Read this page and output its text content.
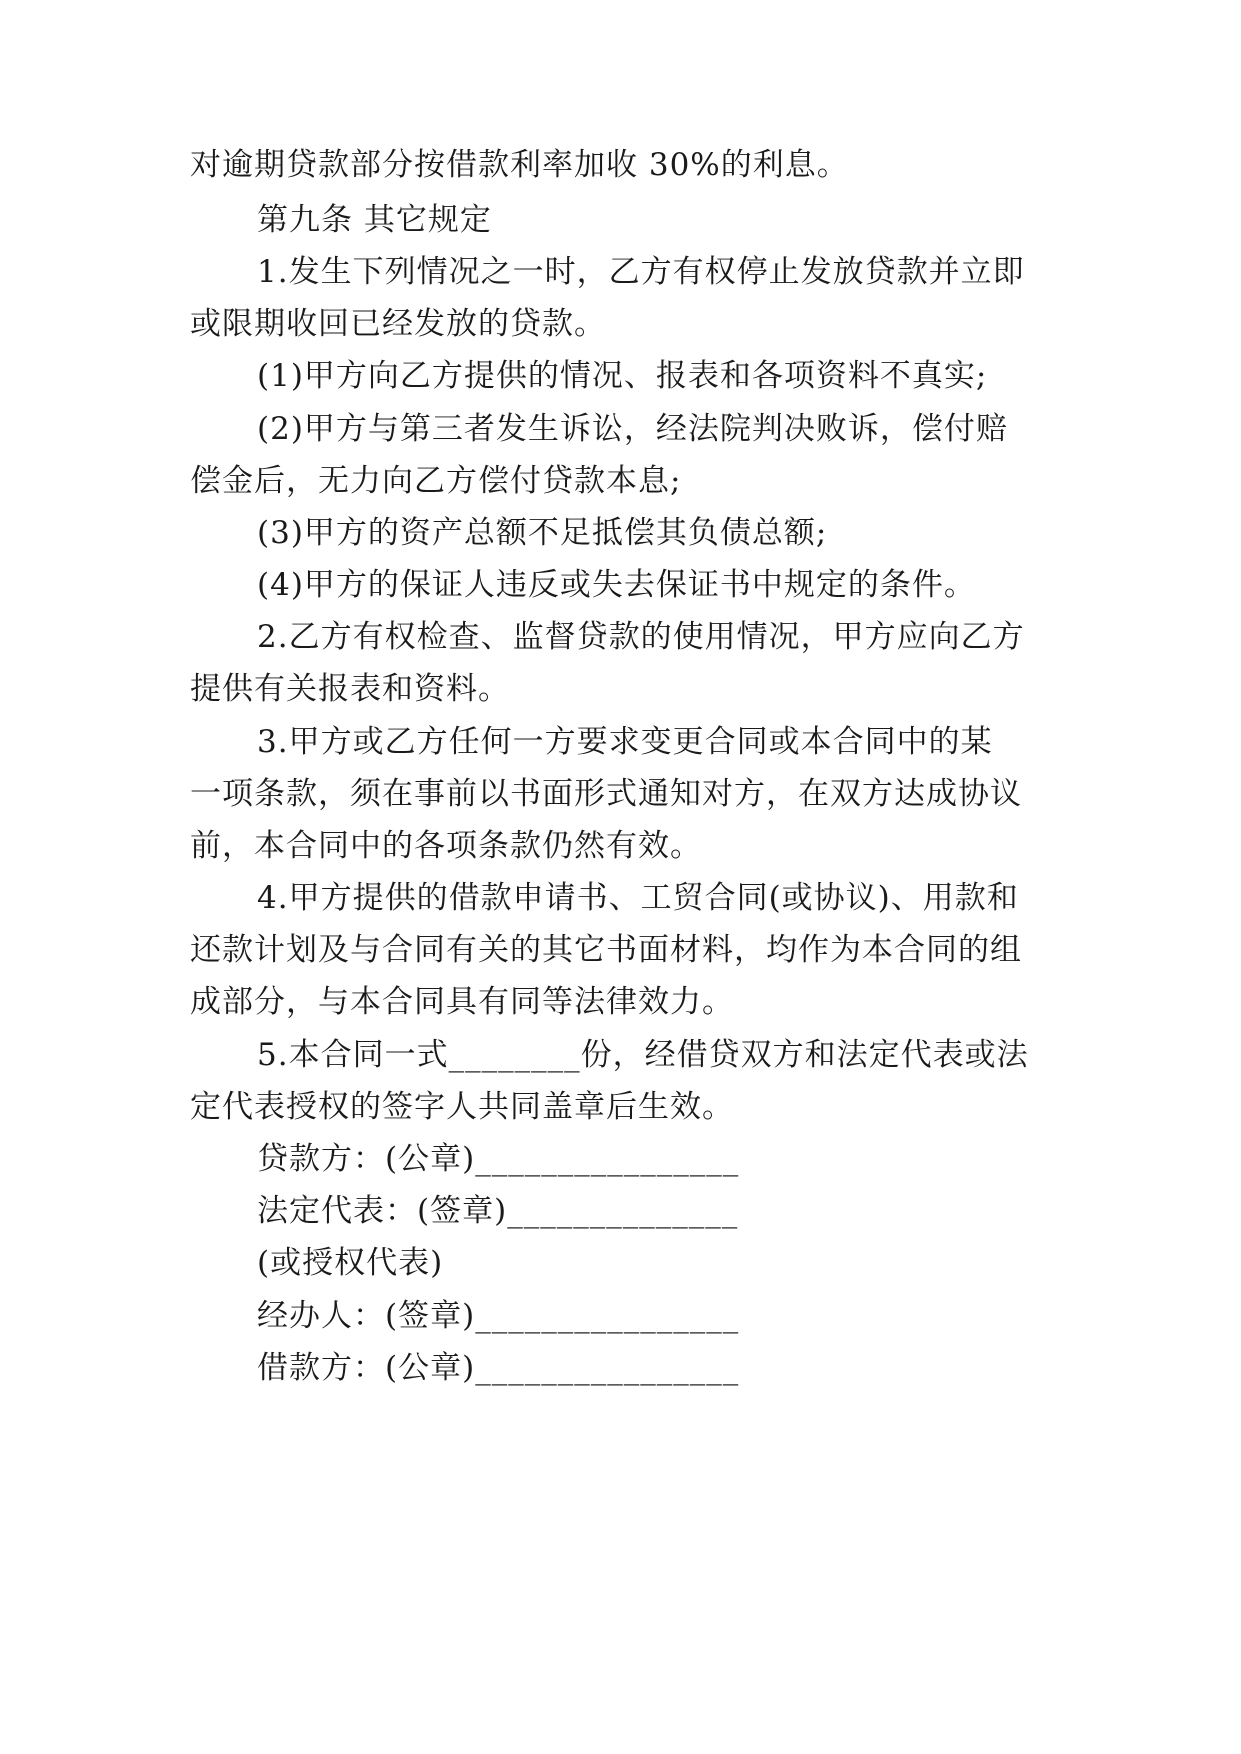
对逾期贷款部分按借款利率加收 30%的利息。
第九条 其它规定
1.发生下列情况之一时，乙方有权停止发放贷款并立即
或限期收回已经发放的贷款。
(1)甲方向乙方提供的情况、报表和各项资料不真实;
(2)甲方与第三者发生诉讼，经法院判决败诉，偿付赔
偿金后，无力向乙方偿付贷款本息;
(3)甲方的资产总额不足抵偿其负债总额;
(4)甲方的保证人违反或失去保证书中规定的条件。
2.乙方有权检查、监督贷款的使用情况，甲方应向乙方
提供有关报表和资料。
3.甲方或乙方任何一方要求变更合同或本合同中的某
一项条款，须在事前以书面形式通知对方，在双方达成协议
前，本合同中的各项条款仍然有效。
4.甲方提供的借款申请书、工贸合同(或协议)、用款和
还款计划及与合同有关的其它书面材料，均作为本合同的组
成部分，与本合同具有同等法律效力。
5.本合同一式________份，经借贷双方和法定代表或法
定代表授权的签字人共同盖章后生效。
贷款方：(公章)________________
法定代表：(签章)______________
(或授权代表)
经办人：(签章)________________
借款方：(公章)________________
